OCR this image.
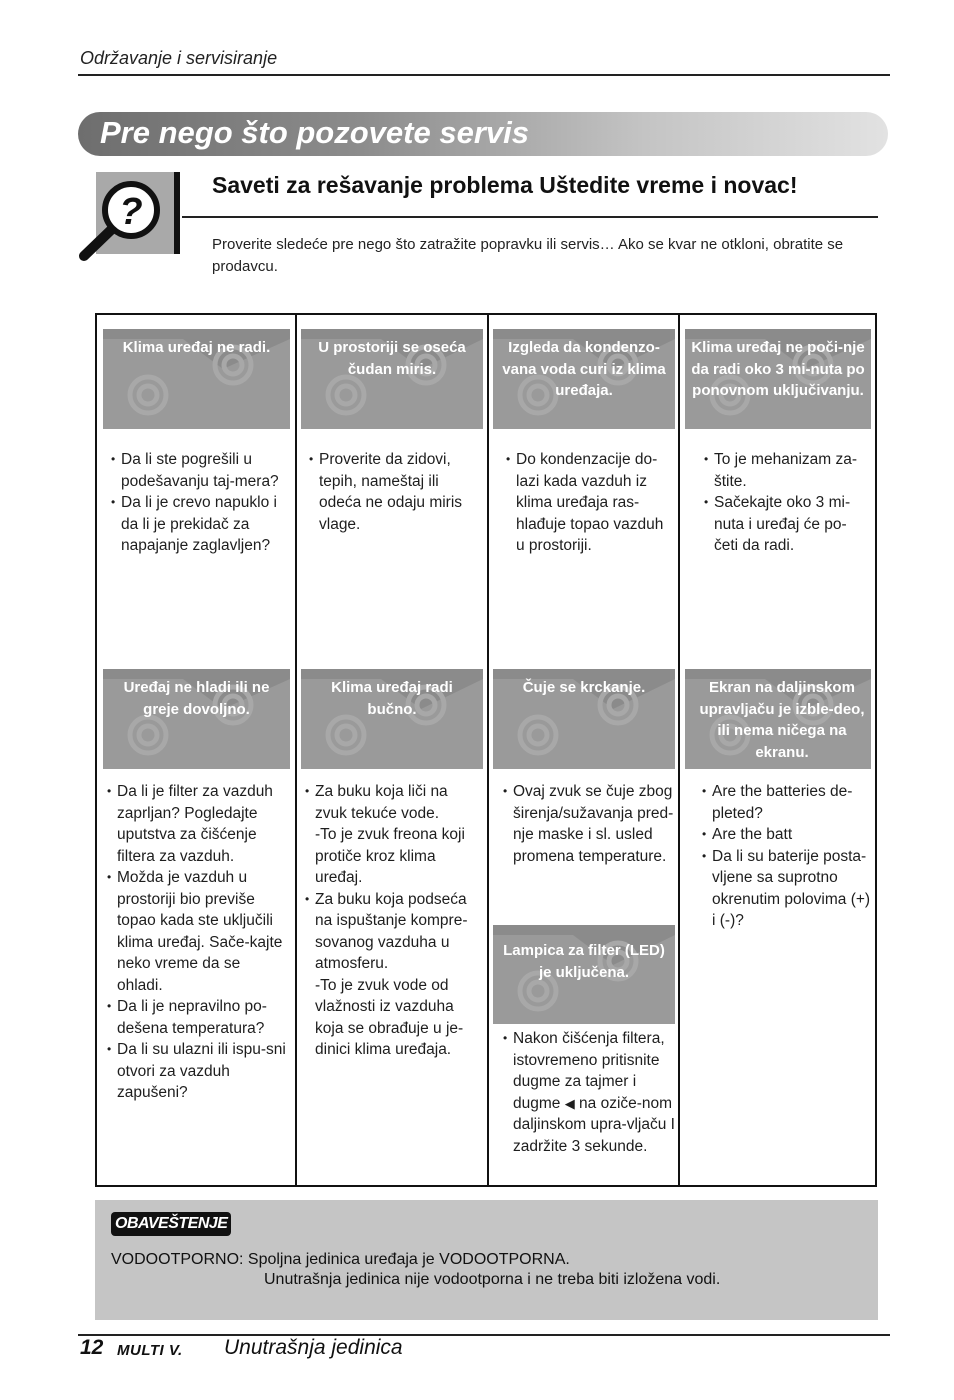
Održavanje i servisiranje
Pre nego što pozovete servis
?
Saveti za rešavanje problema Uštedite vreme i novac!
Proverite sledeće pre nego što zatražite popravku ili servis… Ako se kvar ne otkloni, obratite se prodavcu.
Klima uređaj ne radi.	U prostoriji se oseća čudan miris.
Izgleda da kondenzo-vana voda curi iz klima uređaja.
Klima uređaj ne poči-nje da radi oko 3 mi-nuta po ponovnom uključivanju.
• Da li ste pogrešili u podešavanju taj-mera?
• Da li je crevo napuklo i da li je prekidač za napajanje zaglavljen?
• Proverite da zidovi, tepih, nameštaj ili odeća ne odaju miris vlage.
• Do kondenzacije do-lazi kada vazduh iz klima uređaja ras-hlađuje topao vazduh u prostoriji.
• To je mehanizam za-štite.
• Sačekajte oko 3 mi-nuta i uređaj će po-četi da radi.
Uređaj ne hladi ili ne greje dovoljno.
Klima uređaj radi bučno.
Čuje se krckanje.	Ekran na daljinskom upravljaču je izble-deo, ili nema ničega na ekranu.
• Da li je filter za vazduh zaprljan? Pogledajte uputstva za čišćenje filtera za vazduh.
• Možda je vazduh u prostoriji bio previše topao kada ste uključili klima uređaj. Sače-kajte neko vreme da se ohladi.
• Da li je nepravilno po-dešena temperatura?
• Da li su ulazni ili ispu-sni otvori za vazduh zapušeni?
• Za buku koja liči na zvuk tekuće vode.
-To je zvuk freona koji protiče kroz klima uređaj.
• Za buku koja podseća na ispuštanje kompre-sovanog vazduha u atmosferu.
-To je zvuk vode od vlažnosti iz vazduha koja se obrađuje u je-dinici klima uređaja.
• Ovaj zvuk se čuje zbog širenja/sužavanja pred-nje maske i sl. usled promena temperature.
• Are the batteries de-pleted?
• Are the batt
• Da li su baterije posta-vljene sa suprotno okrenutim polovima (+) i (-)?
Lampica za filter (LED) je uključena.
• Nakon čišćenja filtera, istovremeno pritisnite dugme za tajmer i dugme ◀ na oziče-nom daljinskom upra-vljaču I zadržite 3 sekunde.
OBAVEŠTENJE
VODOOTPORNO: Spoljna jedinica uređaja je VODOOTPORNA.
Unutrašnja jedinica nije vodootporna i ne treba biti izložena vodi.
12 MULTI V. Unutrašnja jedinica
